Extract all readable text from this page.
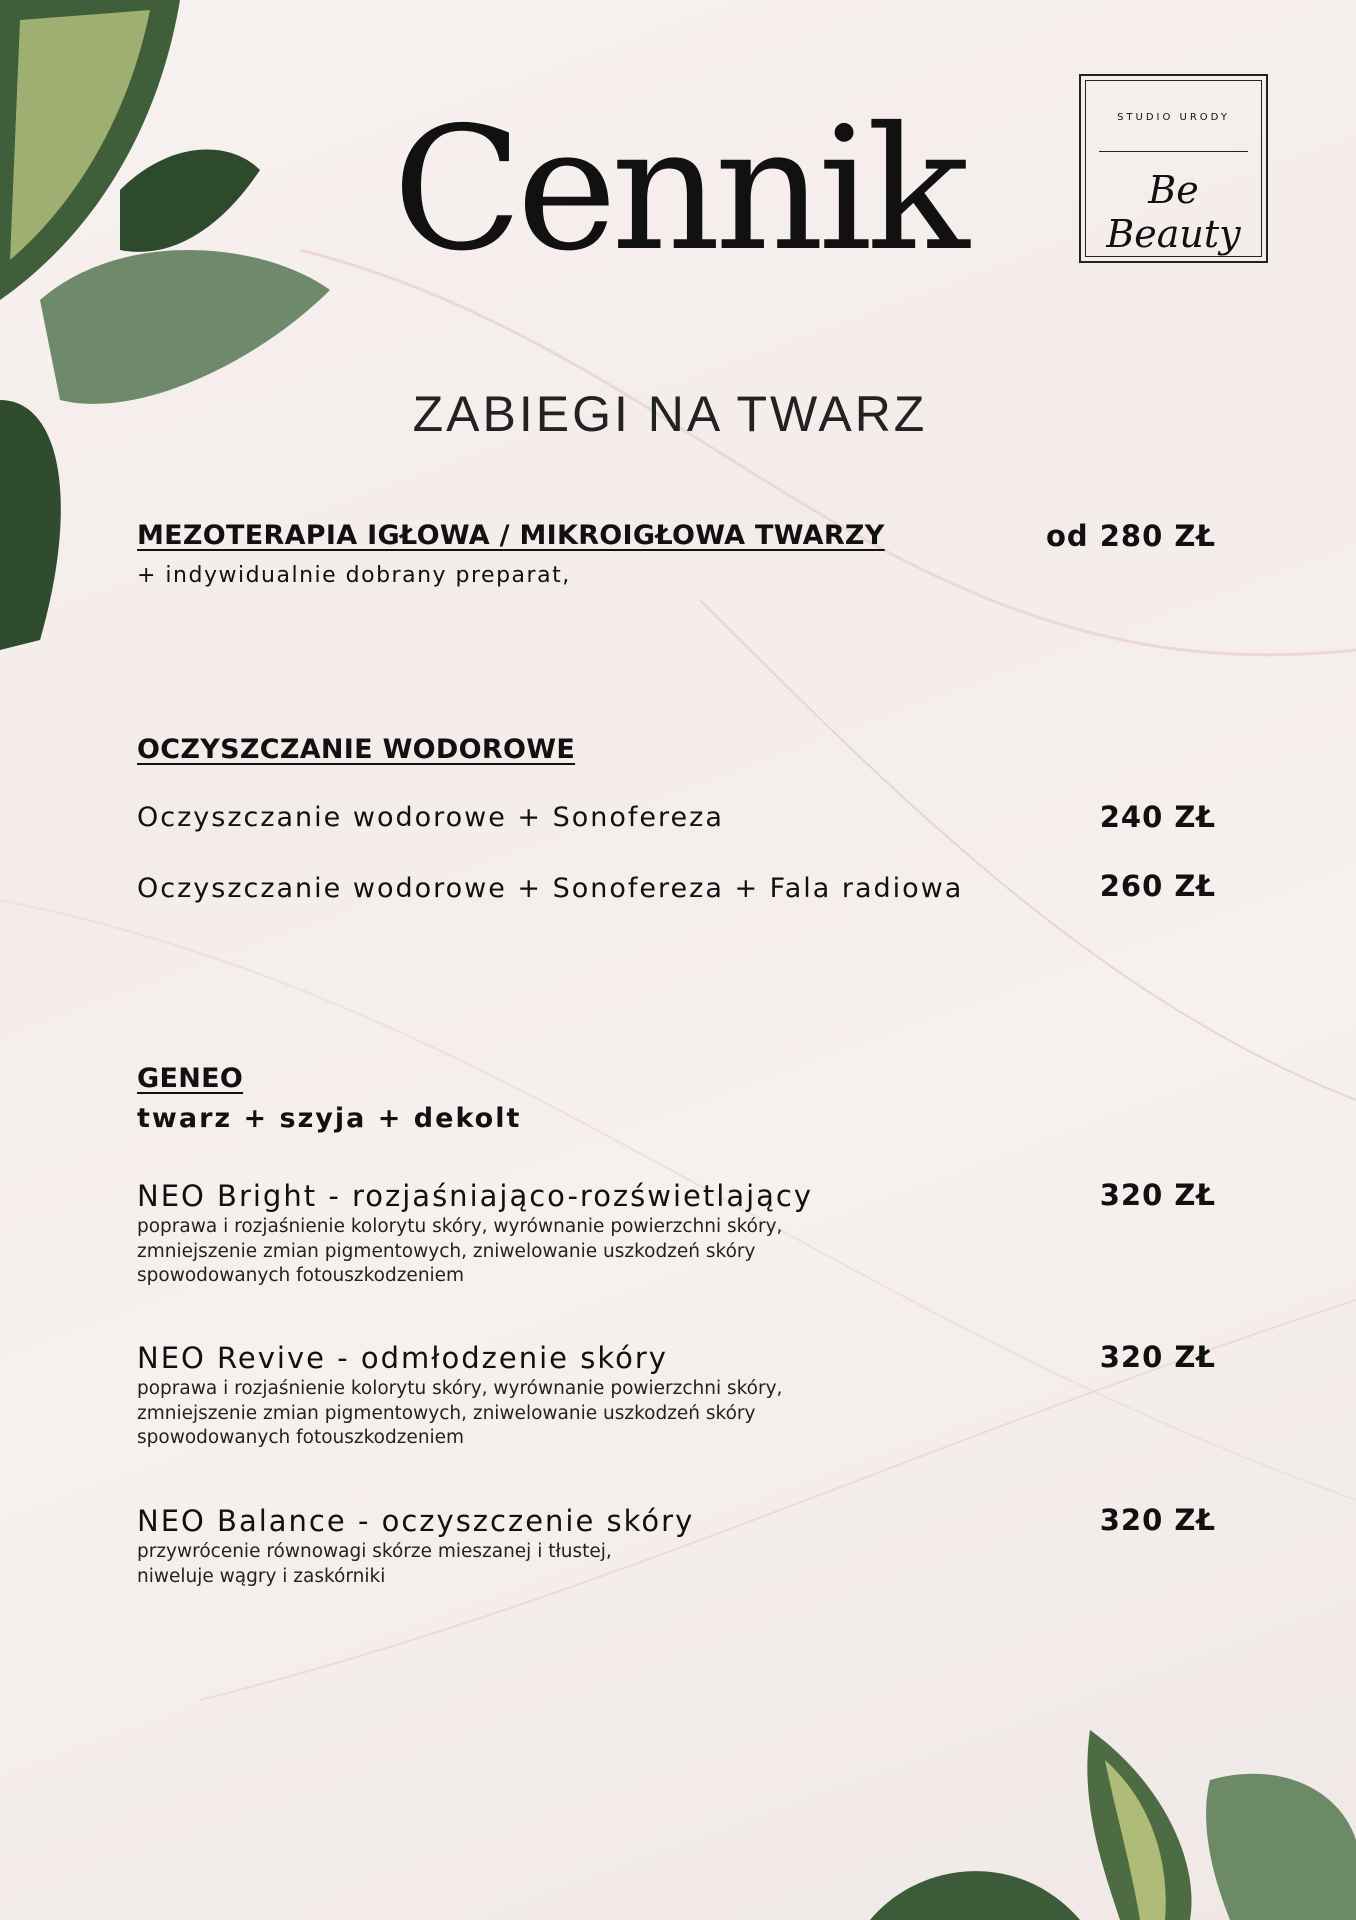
Cennik	STUDIO URODY
Be Beauty
ZABIEGI NA TWARZ
MEZOTERAPIA IGŁOWA / MIKROIGŁOWA TWARZY	od 280 ZŁ
+ indywidualnie dobrany preparat,
OCZYSZCZANIE WODOROWE
Oczyszczanie wodorowe + Sonofereza	240 ZŁ
Oczyszczanie wodorowe + Sonofereza + Fala radiowa	260 ZŁ
GENEO
twarz + szyja + dekolt
NEO Bright - rozjaśniająco-rozświetlający	320 ZŁ
poprawa i rozjaśnienie kolorytu skóry, wyrównanie powierzchni skóry, zmniejszenie zmian pigmentowych, zniwelowanie uszkodzeń skóry spowodowanych fotouszkodzeniem
NEO Revive - odmłodzenie skóry	320 ZŁ
poprawa i rozjaśnienie kolorytu skóry, wyrównanie powierzchni skóry, zmniejszenie zmian pigmentowych, zniwelowanie uszkodzeń skóry spowodowanych fotouszkodzeniem
NEO Balance - oczyszczenie skóry	320 ZŁ
przywrócenie równowagi skórze mieszanej i tłustej, niweluje wągry i zaskórniki
